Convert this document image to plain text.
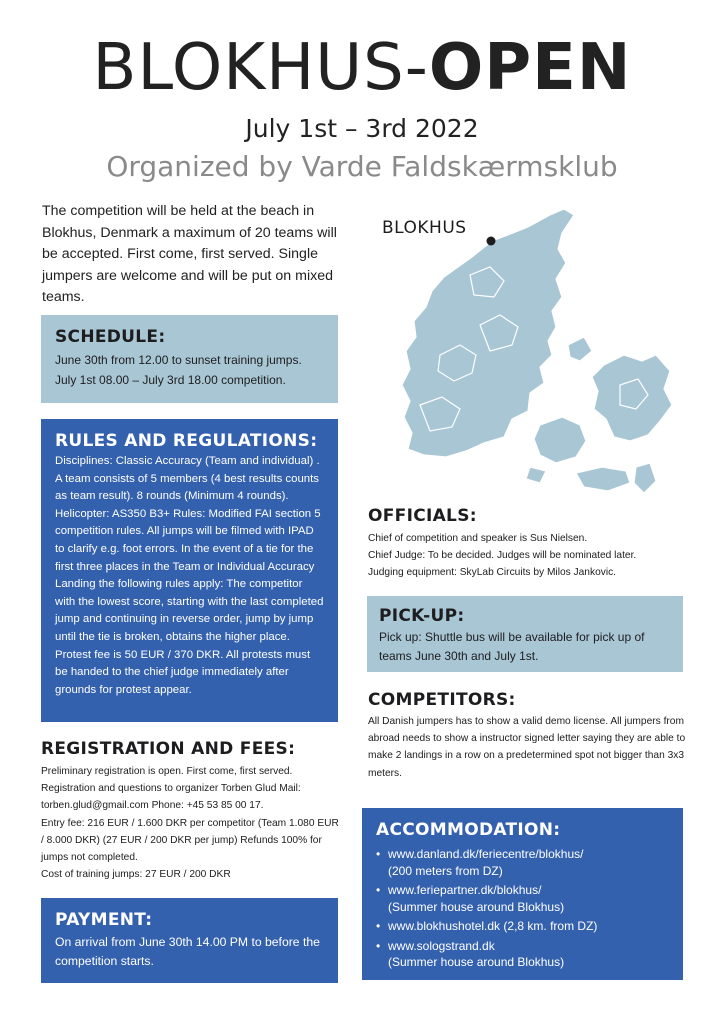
BLOKHUS-OPEN
July 1st – 3rd 2022
Organized by Varde Faldskærmsklub
The competition will be held at the beach in Blokhus, Denmark a maximum of 20 teams will be accepted. First come, first served. Single jumpers are welcome and will be put on mixed teams.
BLOKHUS
SCHEDULE:

June 30th from 12.00 to sunset training jumps.

July 1st 08.00 – July 3rd 18.00 competition.

RULES AND REGULATIONS:

Disciplines: Classic Accuracy (Team and individual) . A team consists of 5 members (4 best results counts as team result). 8 rounds (Minimum 4 rounds). Helicopter: AS350 B3+ Rules: Modified FAI section 5 competition rules. All jumps will be filmed with IPAD to clarify e.g. foot errors. In the event of a tie for the first three places in the Team or Individual Accuracy Landing the following rules apply: The competitor with the lowest score, starting with the last completed jump and continuing in reverse order, jump by jump until the tie is broken, obtains the higher place. Protest fee is 50 EUR / 370 DKR. All protests must be handed to the chief judge immediately after grounds for protest appear.

REGISTRATION AND FEES:

Preliminary registration is open. First come, first served.

Registration and questions to organizer Torben Glud Mail:

torben.glud@gmail.com Phone: +45 53 85 00 17.

Entry fee: 216 EUR / 1.600 DKR per competitor (Team 1.080 EUR / 8.000 DKR) (27 EUR / 200 DKR per jump) Refunds 100% for jumps not completed.

Cost of training jumps: 27 EUR / 200 DKR

PAYMENT:

On arrival from June 30th 14.00 PM to before the competition starts.

OFFICIALS:

Chief of competition and speaker is Sus Nielsen.

Chief Judge: To be decided. Judges will be nominated later.

Judging equipment: SkyLab Circuits by Milos Jankovic.

PICK-UP:

Pick up: Shuttle bus will be available for pick up of teams June 30th and July 1st.

COMPETITORS:

All Danish jumpers has to show a valid demo license. All jumpers from abroad needs to show a instructor signed letter saying they are able to make 2 landings in a row on a predetermined spot not bigger than 3x3 meters.

ACCOMMODATION:
• www.danland.dk/feriecentre/blokhus/
(200 meters from DZ)
• www.feriepartner.dk/blokhus/
(Summer house around Blokhus)
• www.blokhushotel.dk (2,8 km. from DZ)
• www.sologstrand.dk
(Summer house around Blokhus)
